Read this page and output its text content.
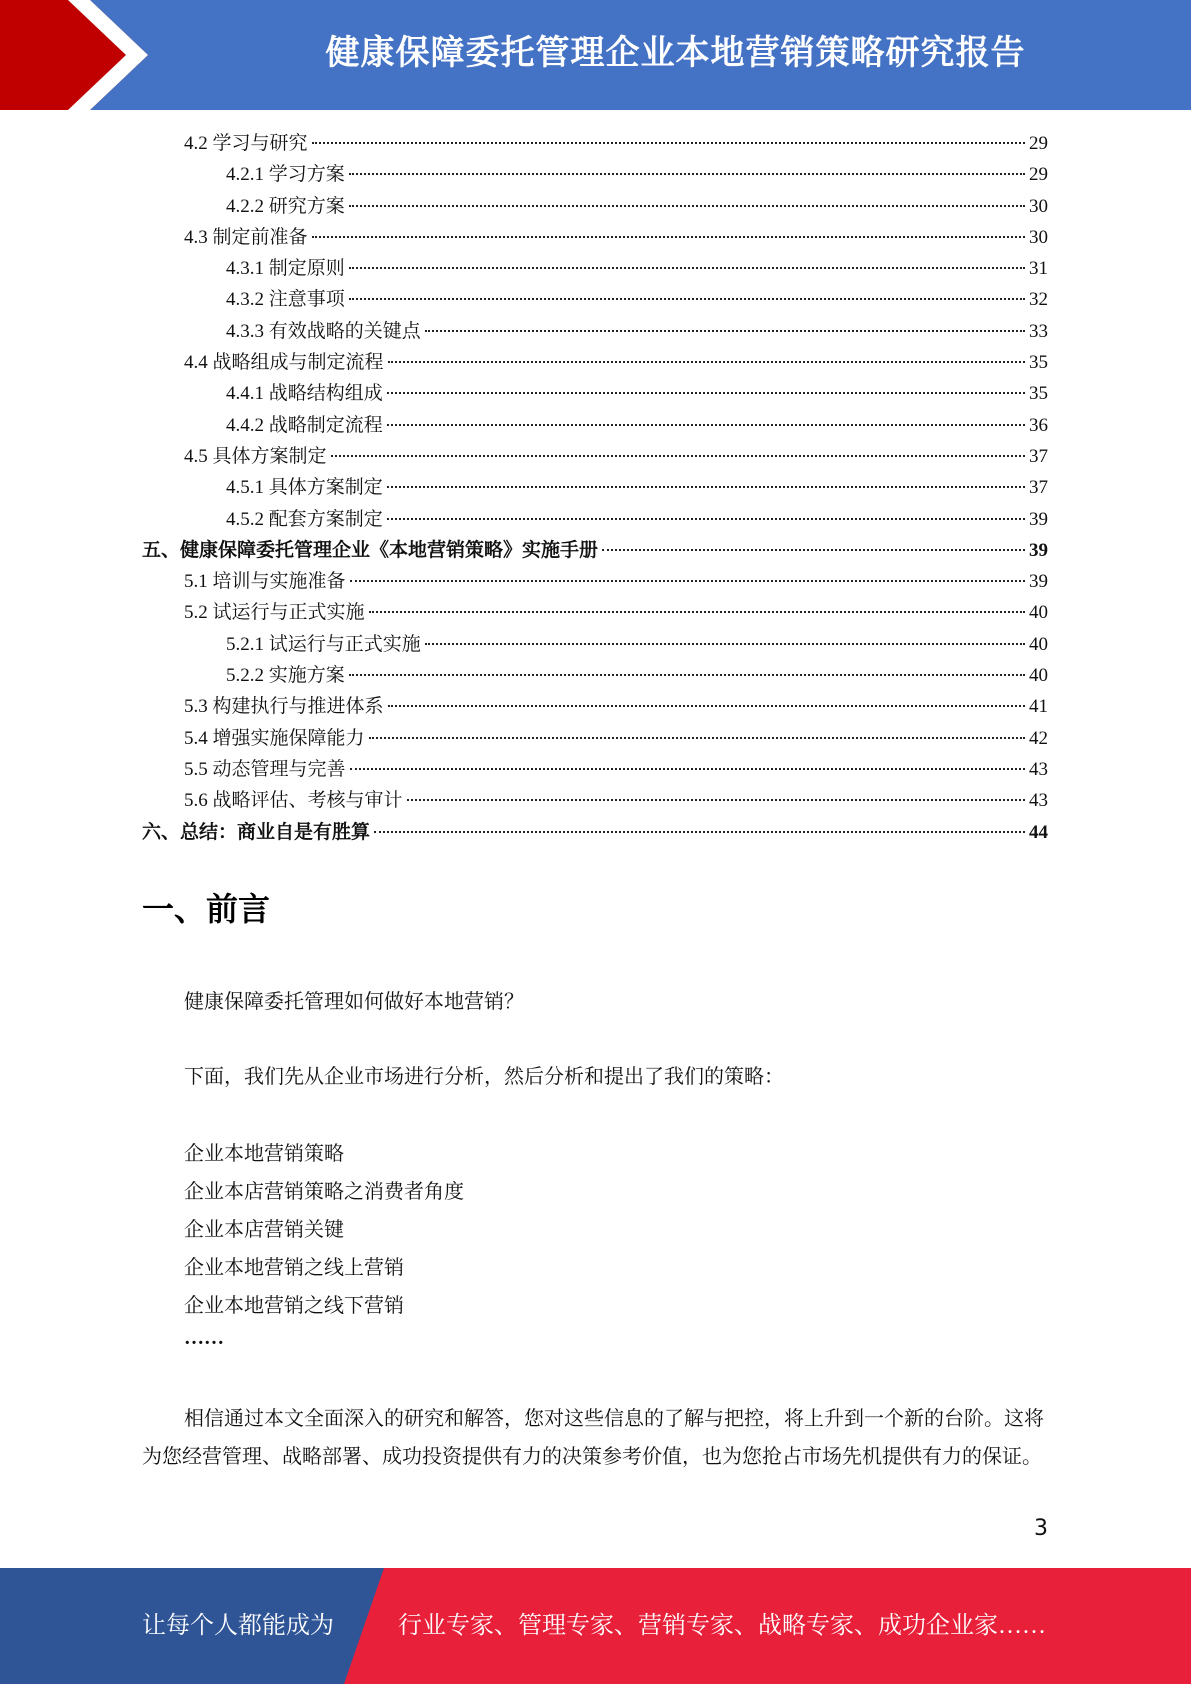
健康保障委托管理企业本地营销策略研究报告
4.2 学习与研究	29
4.2.1 学习方案	29
4.2.2 研究方案	30
4.3 制定前准备	30
4.3.1 制定原则	31
4.3.2 注意事项	32
4.3.3 有效战略的关键点	33
4.4 战略组成与制定流程	35
4.4.1 战略结构组成	35
4.4.2 战略制定流程	36
4.5 具体方案制定	37
4.5.1 具体方案制定	37
4.5.2 配套方案制定	39
五、健康保障委托管理企业《本地营销策略》实施手册	39
5.1 培训与实施准备	39
5.2 试运行与正式实施	40
5.2.1 试运行与正式实施	40
5.2.2 实施方案	40
5.3 构建执行与推进体系	41
5.4 增强实施保障能力	42
5.5 动态管理与完善	43
5.6 战略评估、考核与审计	43
六、总结：商业自是有胜算	44
一、前言
健康保障委托管理如何做好本地营销？
下面，我们先从企业市场进行分析，然后分析和提出了我们的策略：
企业本地营销策略
企业本店营销策略之消费者角度
企业本店营销关键
企业本地营销之线上营销
企业本地营销之线下营销
……
相信通过本文全面深入的研究和解答，您对这些信息的了解与把控，将上升到一个新的台阶。这将为您经营管理、战略部署、成功投资提供有力的决策参考价值，也为您抢占市场先机提供有力的保证。
3
让每个人都能成为	行业专家、管理专家、营销专家、战略专家、成功企业家……
